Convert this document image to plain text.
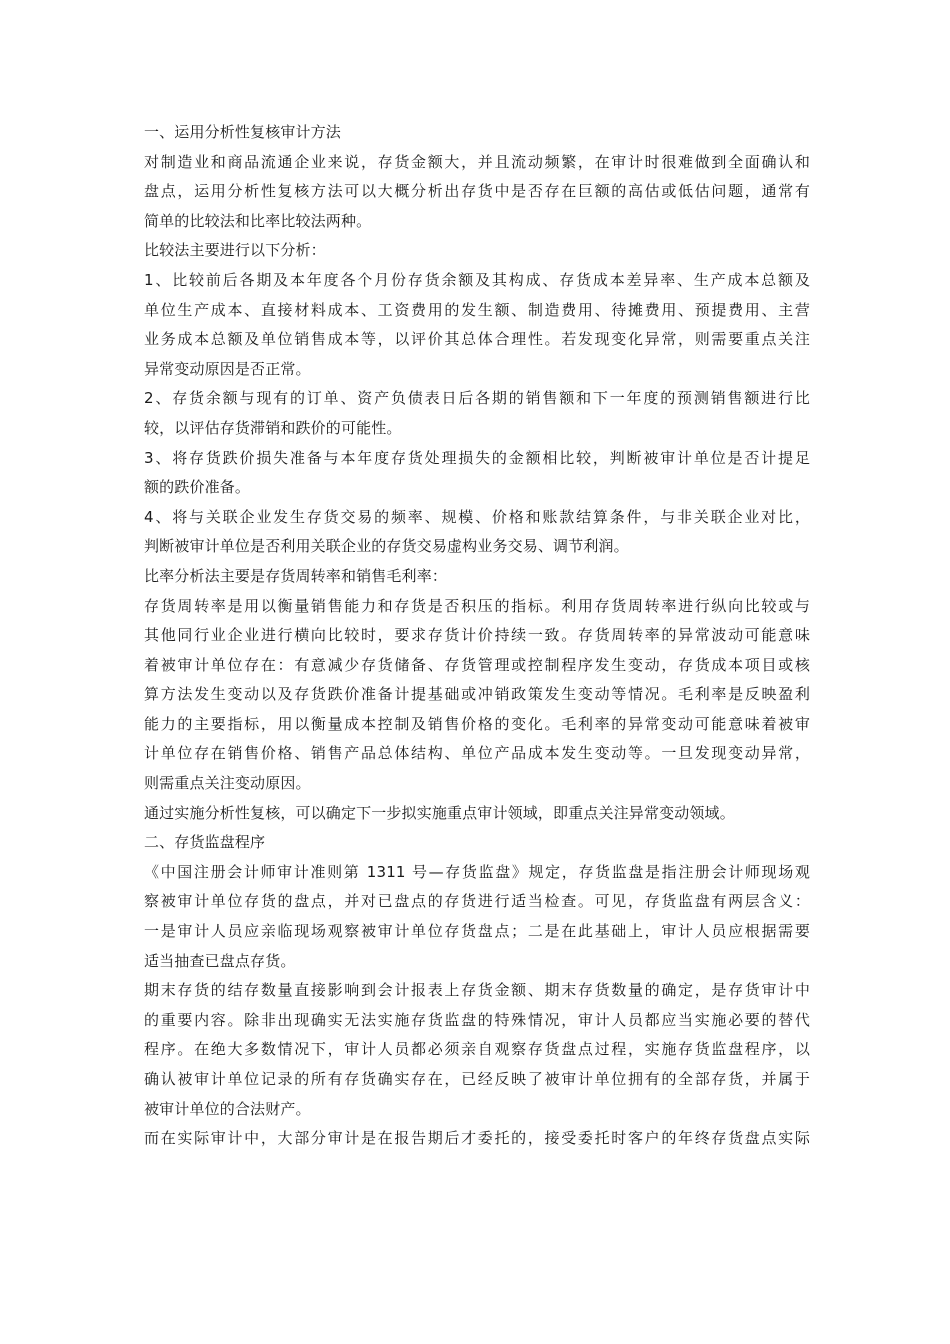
一、运用分析性复核审计方法
对制造业和商品流通企业来说，存货金额大，并且流动频繁，在审计时很难做到全面确认和
盘点，运用分析性复核方法可以大概分析出存货中是否存在巨额的高估或低估问题，通常有
简单的比较法和比率比较法两种。
比较法主要进行以下分析：
1、比较前后各期及本年度各个月份存货余额及其构成、存货成本差异率、生产成本总额及
单位生产成本、直接材料成本、工资费用的发生额、制造费用、待摊费用、预提费用、主营
业务成本总额及单位销售成本等，以评价其总体合理性。若发现变化异常，则需要重点关注
异常变动原因是否正常。
2、存货余额与现有的订单、资产负债表日后各期的销售额和下一年度的预测销售额进行比
较，以评估存货滞销和跌价的可能性。
3、将存货跌价损失准备与本年度存货处理损失的金额相比较，判断被审计单位是否计提足
额的跌价准备。
4、将与关联企业发生存货交易的频率、规模、价格和账款结算条件，与非关联企业对比，
判断被审计单位是否利用关联企业的存货交易虚构业务交易、调节利润。
比率分析法主要是存货周转率和销售毛利率：
存货周转率是用以衡量销售能力和存货是否积压的指标。利用存货周转率进行纵向比较或与
其他同行业企业进行横向比较时，要求存货计价持续一致。存货周转率的异常波动可能意味
着被审计单位存在：有意减少存货储备、存货管理或控制程序发生变动，存货成本项目或核
算方法发生变动以及存货跌价准备计提基础或冲销政策发生变动等情况。毛利率是反映盈利
能力的主要指标，用以衡量成本控制及销售价格的变化。毛利率的异常变动可能意味着被审
计单位存在销售价格、销售产品总体结构、单位产品成本发生变动等。一旦发现变动异常，
则需重点关注变动原因。
通过实施分析性复核，可以确定下一步拟实施重点审计领域，即重点关注异常变动领域。
二、存货监盘程序
《中国注册会计师审计准则第 1311 号—存货监盘》规定，存货监盘是指注册会计师现场观
察被审计单位存货的盘点，并对已盘点的存货进行适当检查。可见，存货监盘有两层含义：
一是审计人员应亲临现场观察被审计单位存货盘点；二是在此基础上，审计人员应根据需要
适当抽查已盘点存货。
期末存货的结存数量直接影响到会计报表上存货金额、期末存货数量的确定，是存货审计中
的重要内容。除非出现确实无法实施存货监盘的特殊情况，审计人员都应当实施必要的替代
程序。在绝大多数情况下，审计人员都必须亲自观察存货盘点过程，实施存货监盘程序，以
确认被审计单位记录的所有存货确实存在，已经反映了被审计单位拥有的全部存货，并属于
被审计单位的合法财产。
而在实际审计中，大部分审计是在报告期后才委托的，接受委托时客户的年终存货盘点实际
